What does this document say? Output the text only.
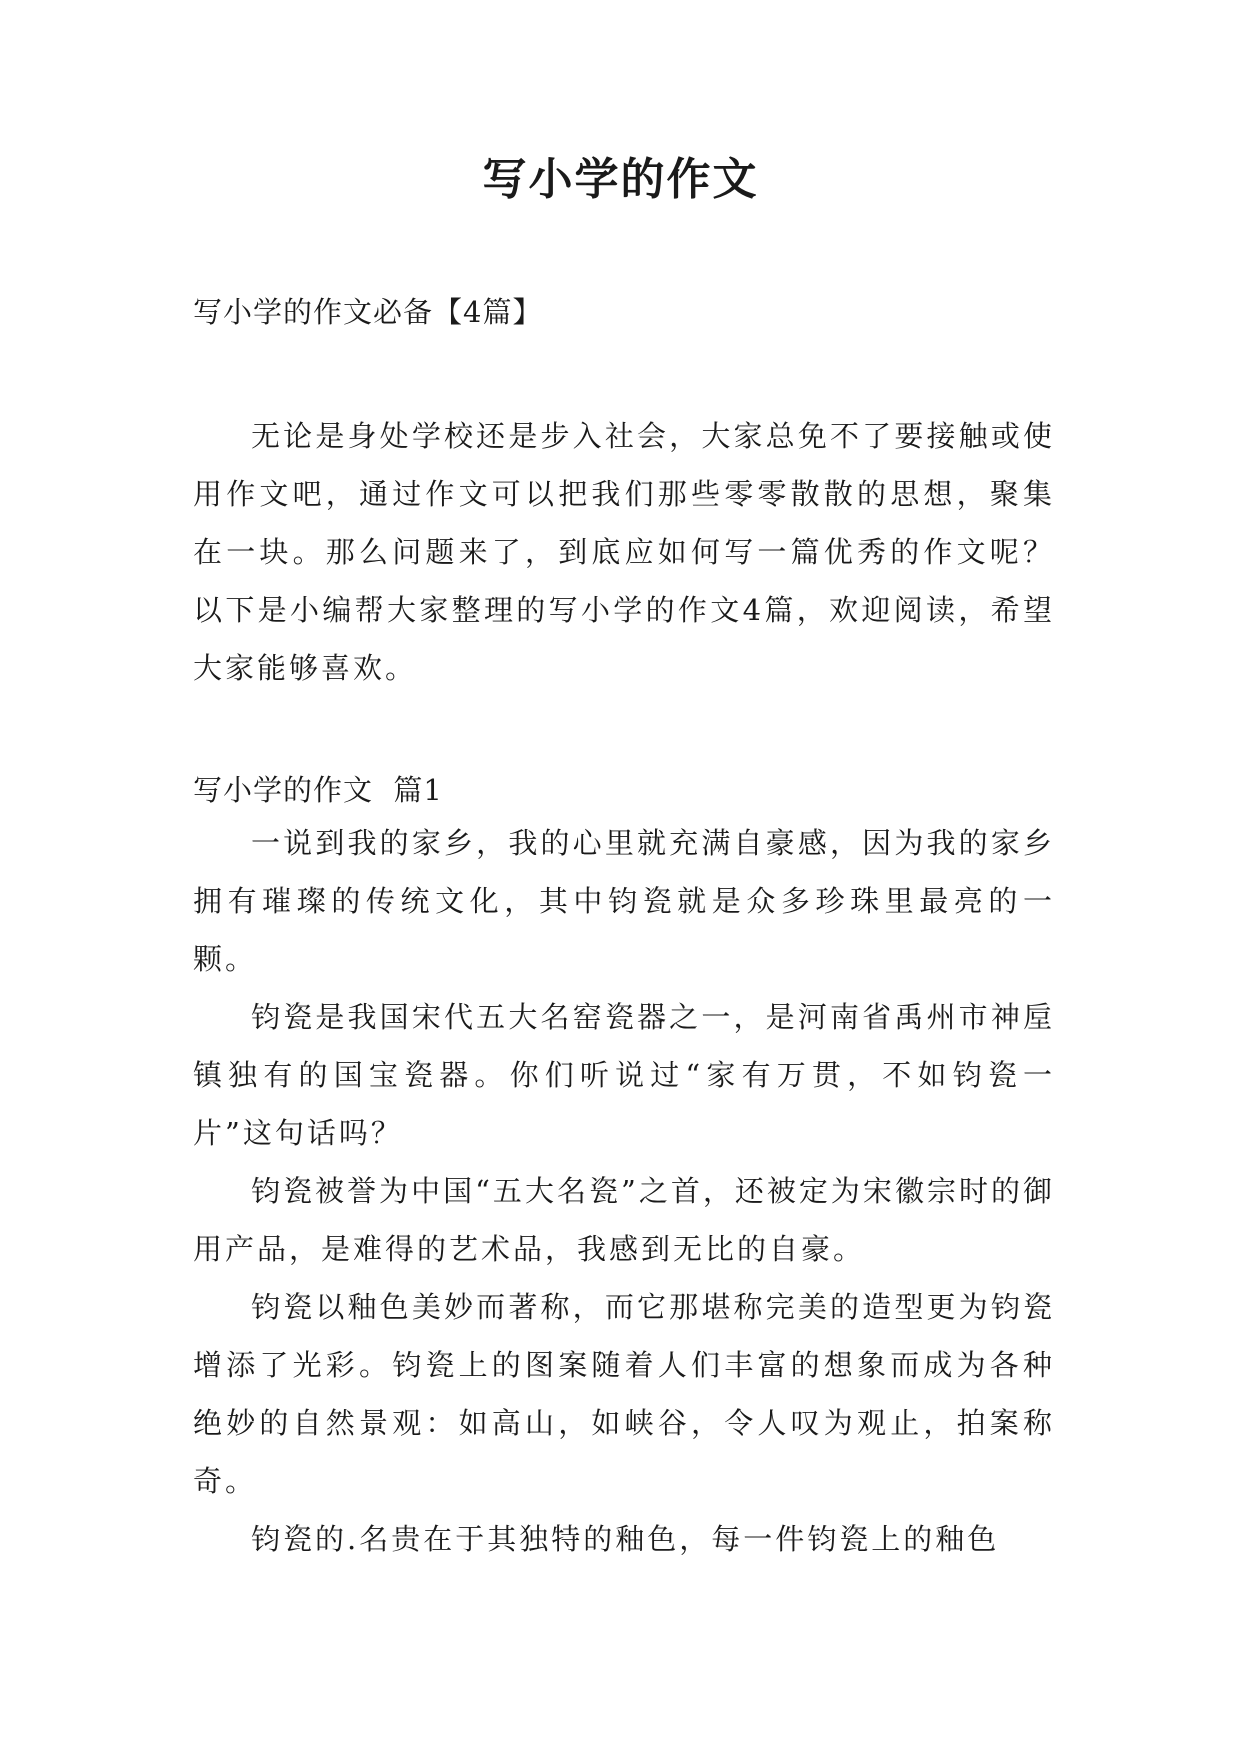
写小学的作文
写小学的作文必备【4篇】

无论是身处学校还是步入社会，大家总免不了要接触或使用作文吧，通过作文可以把我们那些零零散散的思想，聚集在一块。那么问题来了，到底应如何写一篇优秀的作文呢？以下是小编帮大家整理的写小学的作文4篇，欢迎阅读，希望大家能够喜欢。

写小学的作文  篇1

一说到我的家乡，我的心里就充满自豪感，因为我的家乡拥有璀璨的传统文化，其中钧瓷就是众多珍珠里最亮的一颗。

钧瓷是我国宋代五大名窑瓷器之一，是河南省禹州市神垕镇独有的国宝瓷器。你们听说过“家有万贯，不如钧瓷一片”这句话吗？

钧瓷被誉为中国“五大名瓷”之首，还被定为宋徽宗时的御用产品，是难得的艺术品，我感到无比的自豪。

钧瓷以釉色美妙而著称，而它那堪称完美的造型更为钧瓷增添了光彩。钧瓷上的图案随着人们丰富的想象而成为各种绝妙的自然景观：如高山，如峡谷，令人叹为观止，拍案称奇。

钧瓷的.名贵在于其独特的釉色，每一件钧瓷上的釉色
